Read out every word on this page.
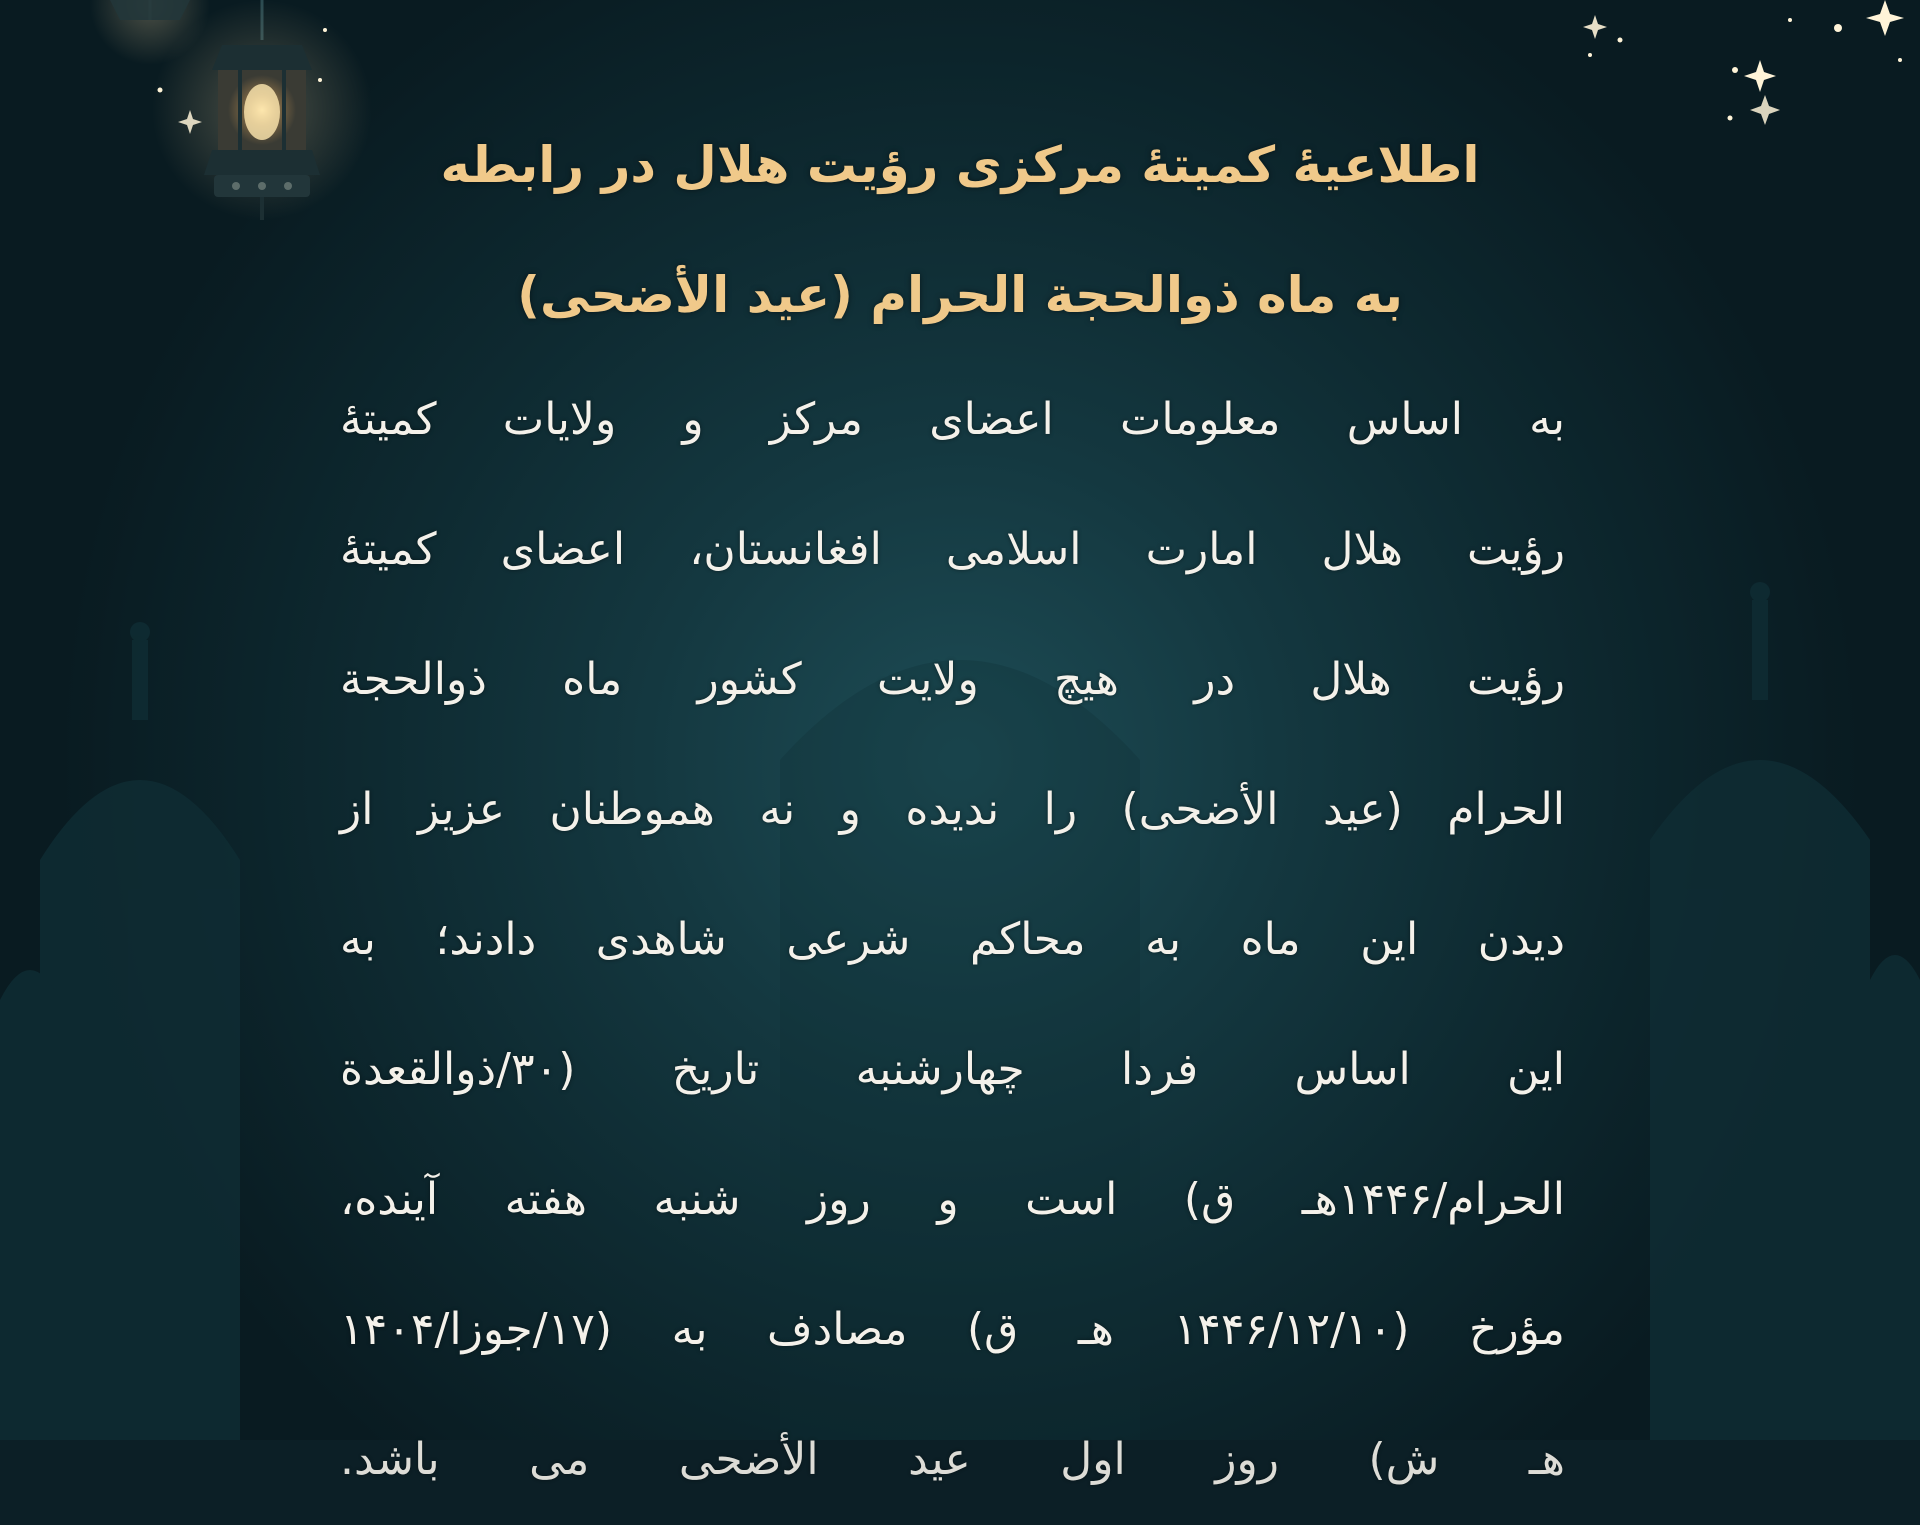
اطلاعیهٔ کمیتهٔ مرکزی رؤیت هلال در رابطه
به ماه ذوالحجة الحرام (عید الأضحی)
به اساس معلومات اعضای مرکز و ولایات کمیتهٔ
رؤیت هلال امارت اسلامی افغانستان، اعضای کمیتهٔ
رؤیت هلال در هیچ ولایت کشور ماه ذوالحجة
الحرام (عید الأضحی) را ندیده و نه هموطنان عزیز از
دیدن این ماه به محاکم شرعی شاهدی دادند؛ به
این اساس فردا چهارشنبه تاریخ (۳۰/ذوالقعدة
الحرام/۱۴۴۶هـ ق) است و روز شنبه هفته آینده،
مؤرخ (۱۴۴۶/۱۲/۱۰ هـ ق) مصادف به (۱۷/جوزا/۱۴۰۴
هـ ش) روز اول عید الأضحی مى باشد.
